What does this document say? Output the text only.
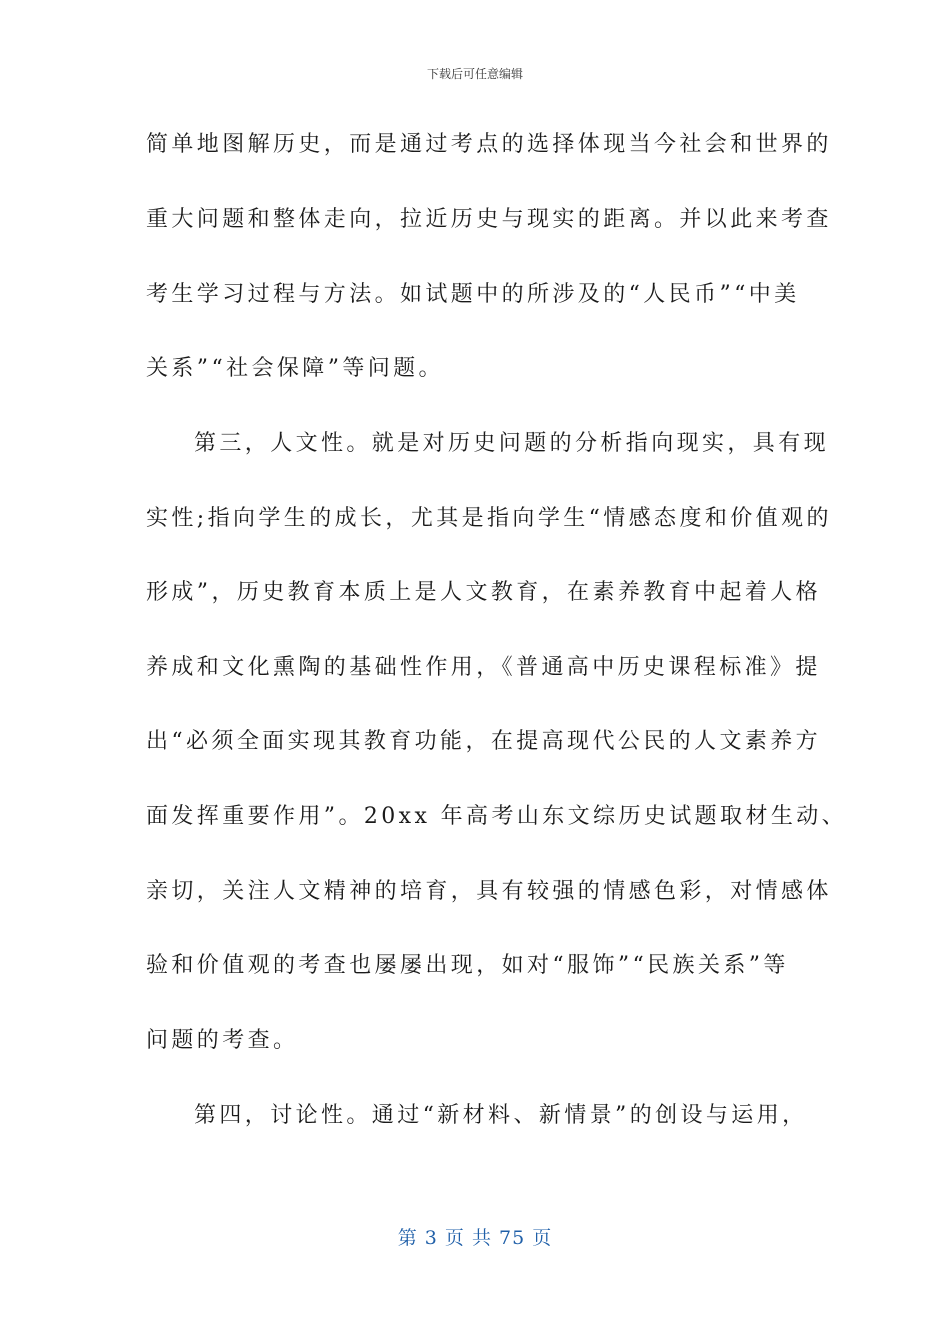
下载后可任意编辑
简单地图解历史，而是通过考点的选择体现当今社会和世界的
重大问题和整体走向，拉近历史与现实的距离。并以此来考查
考生学习过程与方法。如试题中的所涉及的“人民币”“中美
关系”“社会保障”等问题。
第三，人文性。就是对历史问题的分析指向现实，具有现
实性;指向学生的成长，尤其是指向学生“情感态度和价值观的
形成”，历史教育本质上是人文教育，在素养教育中起着人格
养成和文化熏陶的基础性作用，《普通高中历史课程标准》提
出“必须全面实现其教育功能，在提高现代公民的人文素养方
面发挥重要作用”。20xx 年高考山东文综历史试题取材生动、
亲切，关注人文精神的培育，具有较强的情感色彩，对情感体
验和价值观的考查也屡屡出现，如对“服饰”“民族关系”等
问题的考查。
第四，讨论性。通过“新材料、新情景”的创设与运用，
第 3 页 共 75 页
